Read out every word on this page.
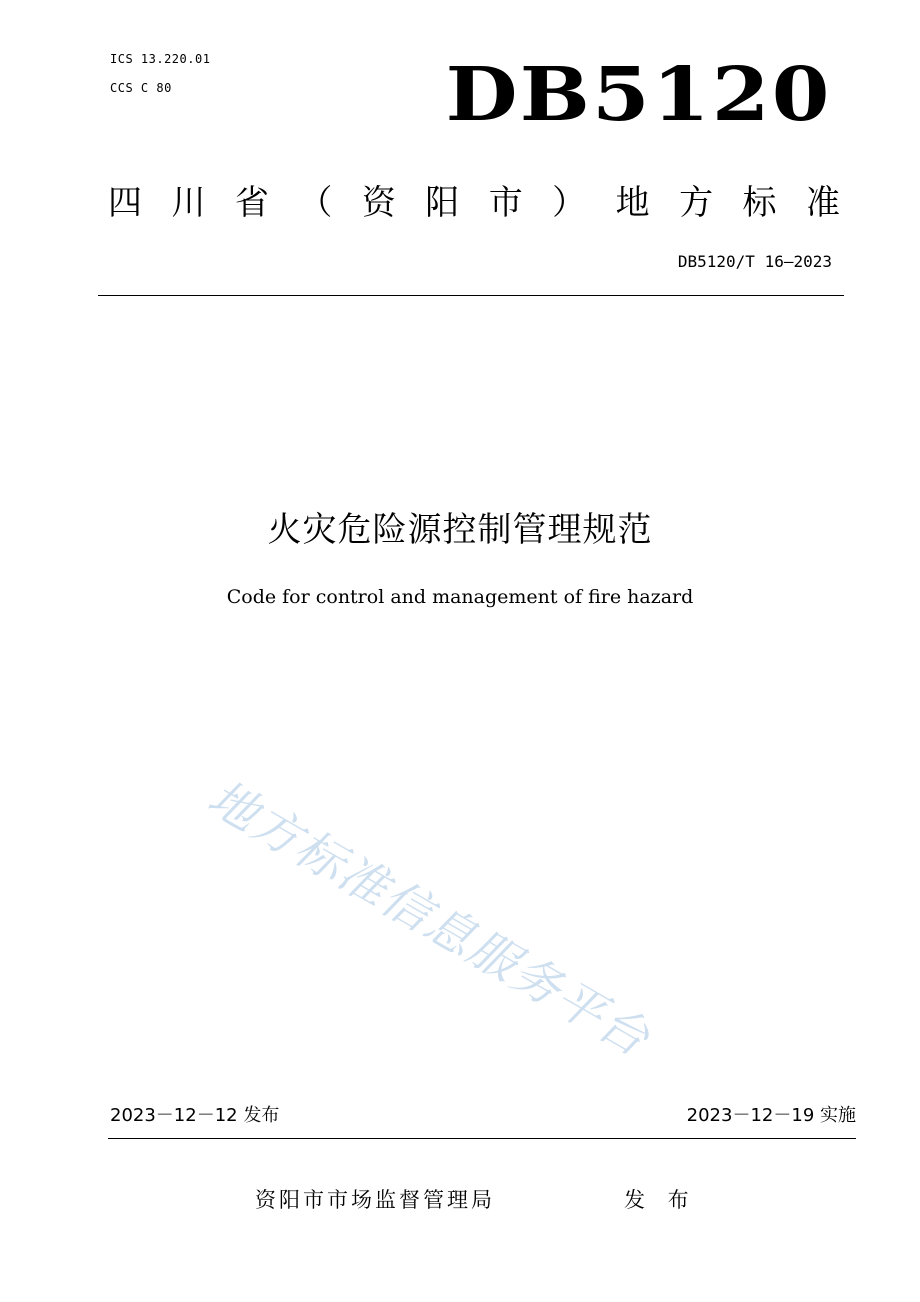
ICS 13.220.01
CCS C 80	DB5120
四 川 省 （ 资 阳 市 ） 地 方 标 准
DB5120/T 16—2023
火灾危险源控制管理规范
Code for control and management of fire hazard
地方标准信息服务平台
2023－12－12 发布	2023－12－19 实施
资阳市市场监督管理局	发 布
